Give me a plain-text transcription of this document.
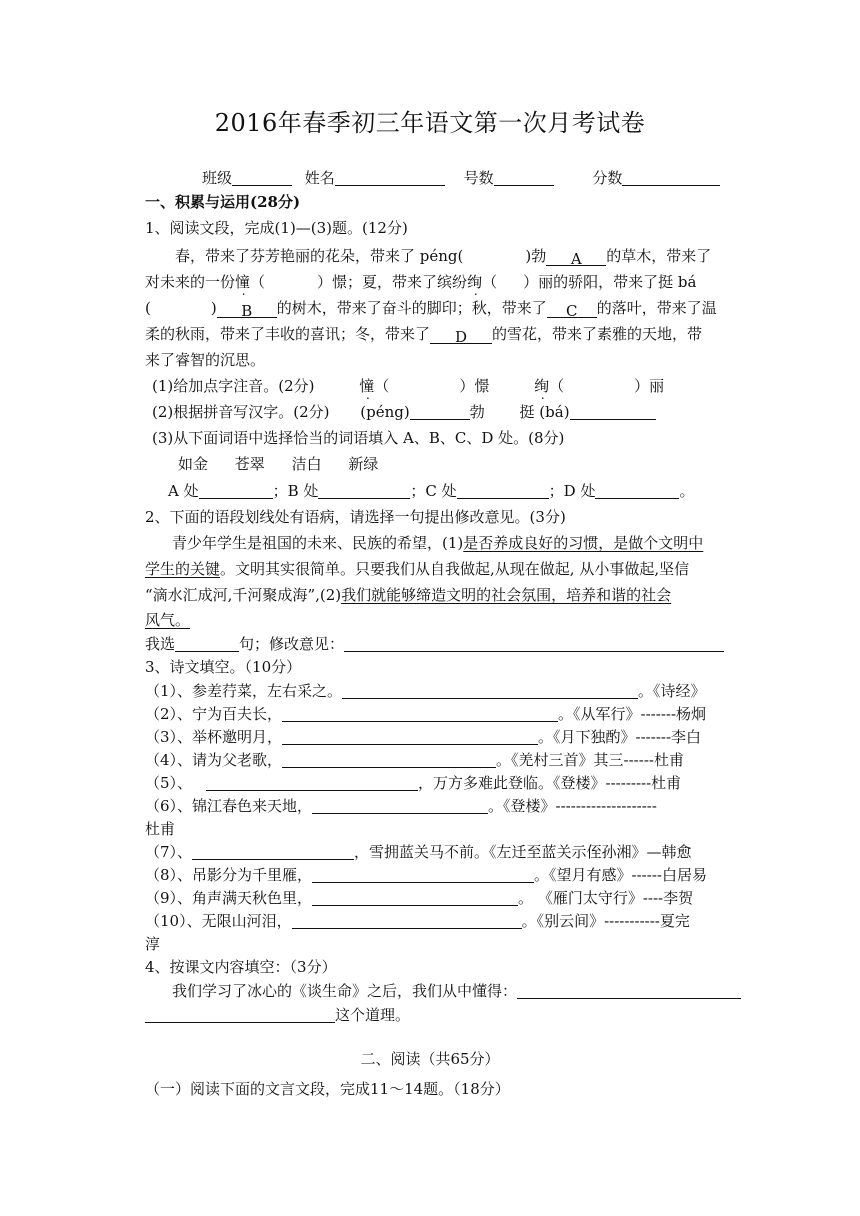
2016年春季初三年语文第一次月考试卷
班级	姓名	号数	分数
一、积累与运用(28分)
1、阅读文段，完成(1)—(3)题。(12分)
春，带来了芬芳艳丽的花朵，带来了 péng(	)勃 A 的草木，带来了
对未来的一份憧（	）憬；夏，带来了缤纷绚（ ）丽的骄阳，带来了挺 bá
(	) B 的树木，带来了奋斗的脚印；秋，带来了 C 的落叶，带来了温
柔的秋雨，带来了丰收的喜讯；冬，带来了 D 的雪花，带来了素雅的天地，带
来了睿智的沉思。
(1)给加点字注音。(2分)	憧（	）憬	绚（	）丽
(2)根据拼音写汉字。(2分) (péng)	勃 挺 (bá)
(3)从下面词语中选择恰当的词语填入 A、B、C、D 处。(8分)
如金 苍翠 洁白 新绿
A 处	；B 处	；C 处	；D 处	。
2、下面的语段划线处有语病，请选择一句提出修改意见。(3分)
青少年学生是祖国的未来、民族的希望，(1)是否养成良好的习惯，是做个文明中
学生的关键。文明其实很简单。只要我们从自我做起,从现在做起, 从小事做起,坚信
“滴水汇成河,千河聚成海”,(2)我们就能够缔造文明的社会氛围，培养和谐的社会
风气。
我选	句；修改意见：
3、诗文填空。（10分）
（1）、参差荇菜，左右采之。	。《诗经》
（2）、宁为百夫长，	。《从军行》-------杨炯
（3）、举杯邀明月，	。《月下独酌》-------李白
（4）、请为父老歌，	。《羌村三首》其三------杜甫
（5）、	，万方多难此登临。《登楼》---------杜甫
（6）、锦江春色来天地，	。《登楼》--------------------
杜甫
（7）、	，雪拥蓝关马不前。《左迁至蓝关示侄孙湘》—韩愈
（8）、吊影分为千里雁，	。《望月有感》------白居易
（9）、角声满天秋色里，	。 《雁门太守行》----李贺
（10）、无限山河泪，	。《别云间》-----------夏完
淳
4、按课文内容填空：（3分）
我们学习了冰心的《谈生命》之后，我们从中懂得：
这个道理。
二、阅读（共65分）
（一）阅读下面的文言文段，完成11～14题。（18分）
